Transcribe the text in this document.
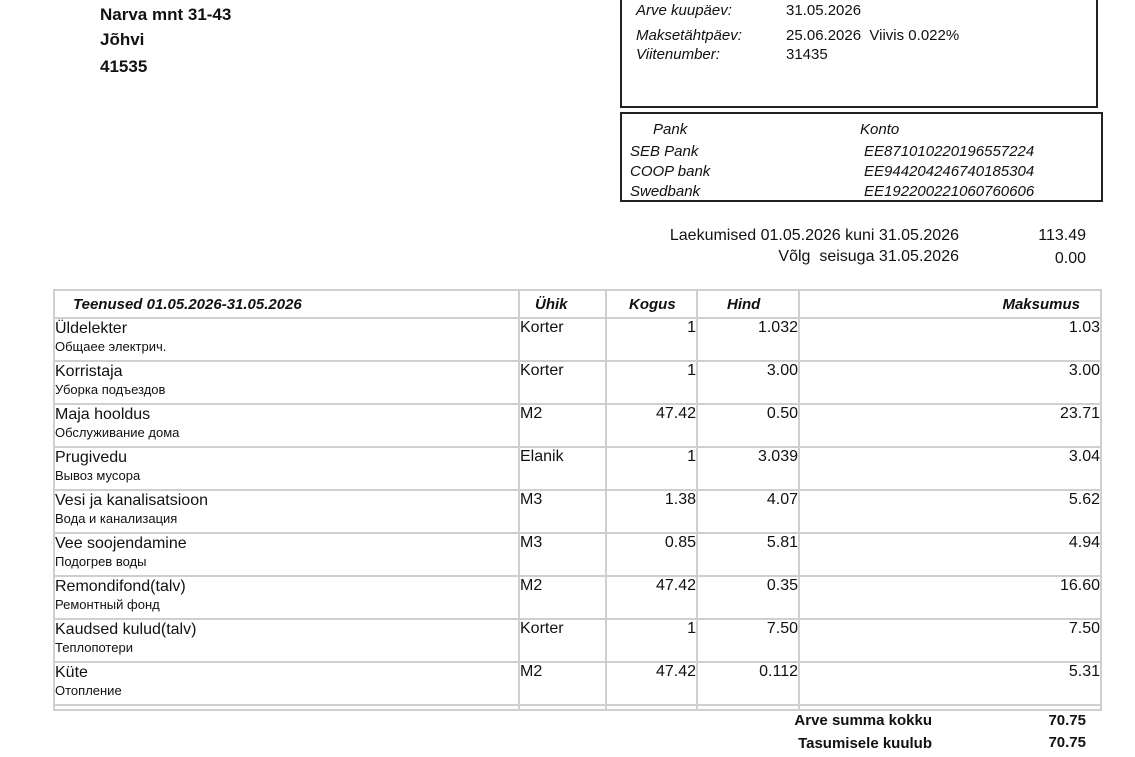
Narva mnt 31-43
Jõhvi
41535
Arve kuupäev:	31.05.2026
Maksetähtpäev:	25.06.2026  Viivis 0.022%
Viitenumber:	31435
Pank	Konto
SEB Pank	EE871010220196557224
COOP bank	EE944204246740185304
Swedbank	EE192200221060760606
Laekumised 01.05.2026 kuni 31.05.2026	113.49
Võlg  seisuga 31.05.2026	0.00
Teenused 01.05.2026-31.05.2026	Ühik	Kogus	Hind	Maksumus
Üldelekter
Общаее электрич.	Korter	1	1.032	1.03
Korristaja
Уборка подъездов	Korter	1	3.00	3.00
Maja hooldus
Обслуживание дома	M2	47.42	0.50	23.71
Prugivedu
Вывоз мусора	Elanik	1	3.039	3.04
Vesi ja kanalisatsioon
Вода и канализация	M3	1.38	4.07	5.62
Vee soojendamine
Подогрев воды	M3	0.85	5.81	4.94
Remondifond(talv)
Ремонтный фонд	M2	47.42	0.35	16.60
Kaudsed kulud(talv)
Теплопотери	Korter	1	7.50	7.50
Küte
Отопление	M2	47.42	0.112	5.31

Arve summa kokku	70.75
Tasumisele kuulub	70.75
